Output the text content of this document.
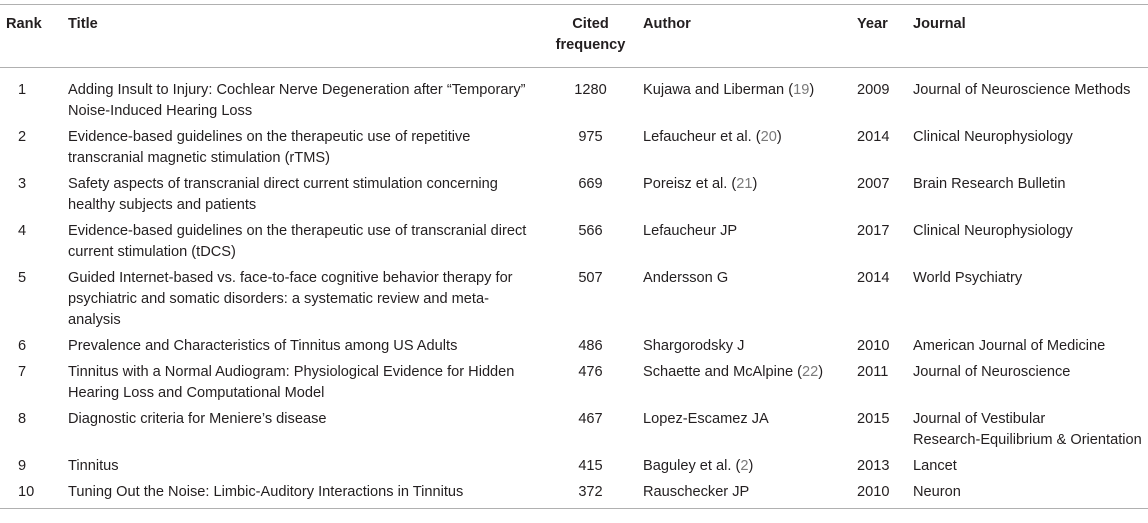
Rank	Title	Cited frequency	Author	Year	Journal
1	Adding Insult to Injury: Cochlear Nerve Degeneration after “Temporary” Noise-Induced Hearing Loss	1280	Kujawa and Liberman (19)	2009	Journal of Neuroscience Methods
2	Evidence-based guidelines on the therapeutic use of repetitive transcranial magnetic stimulation (rTMS)	975	Lefaucheur et al. (20)	2014	Clinical Neurophysiology
3	Safety aspects of transcranial direct current stimulation concerning healthy subjects and patients	669	Poreisz et al. (21)	2007	Brain Research Bulletin
4	Evidence-based guidelines on the therapeutic use of transcranial direct current stimulation (tDCS)	566	Lefaucheur JP	2017	Clinical Neurophysiology
5	Guided Internet-based vs. face-to-face cognitive behavior therapy for psychiatric and somatic disorders: a systematic review and meta-analysis	507	Andersson G	2014	World Psychiatry
6	Prevalence and Characteristics of Tinnitus among US Adults	486	Shargorodsky J	2010	American Journal of Medicine
7	Tinnitus with a Normal Audiogram: Physiological Evidence for Hidden Hearing Loss and Computational Model	476	Schaette and McAlpine (22)	2011	Journal of Neuroscience
8	Diagnostic criteria for Meniere’s disease	467	Lopez-Escamez JA	2015	Journal of Vestibular
Research-Equilibrium & Orientation
9	Tinnitus	415	Baguley et al. (2)	2013	Lancet
10	Tuning Out the Noise: Limbic-Auditory Interactions in Tinnitus	372	Rauschecker JP	2010	Neuron
